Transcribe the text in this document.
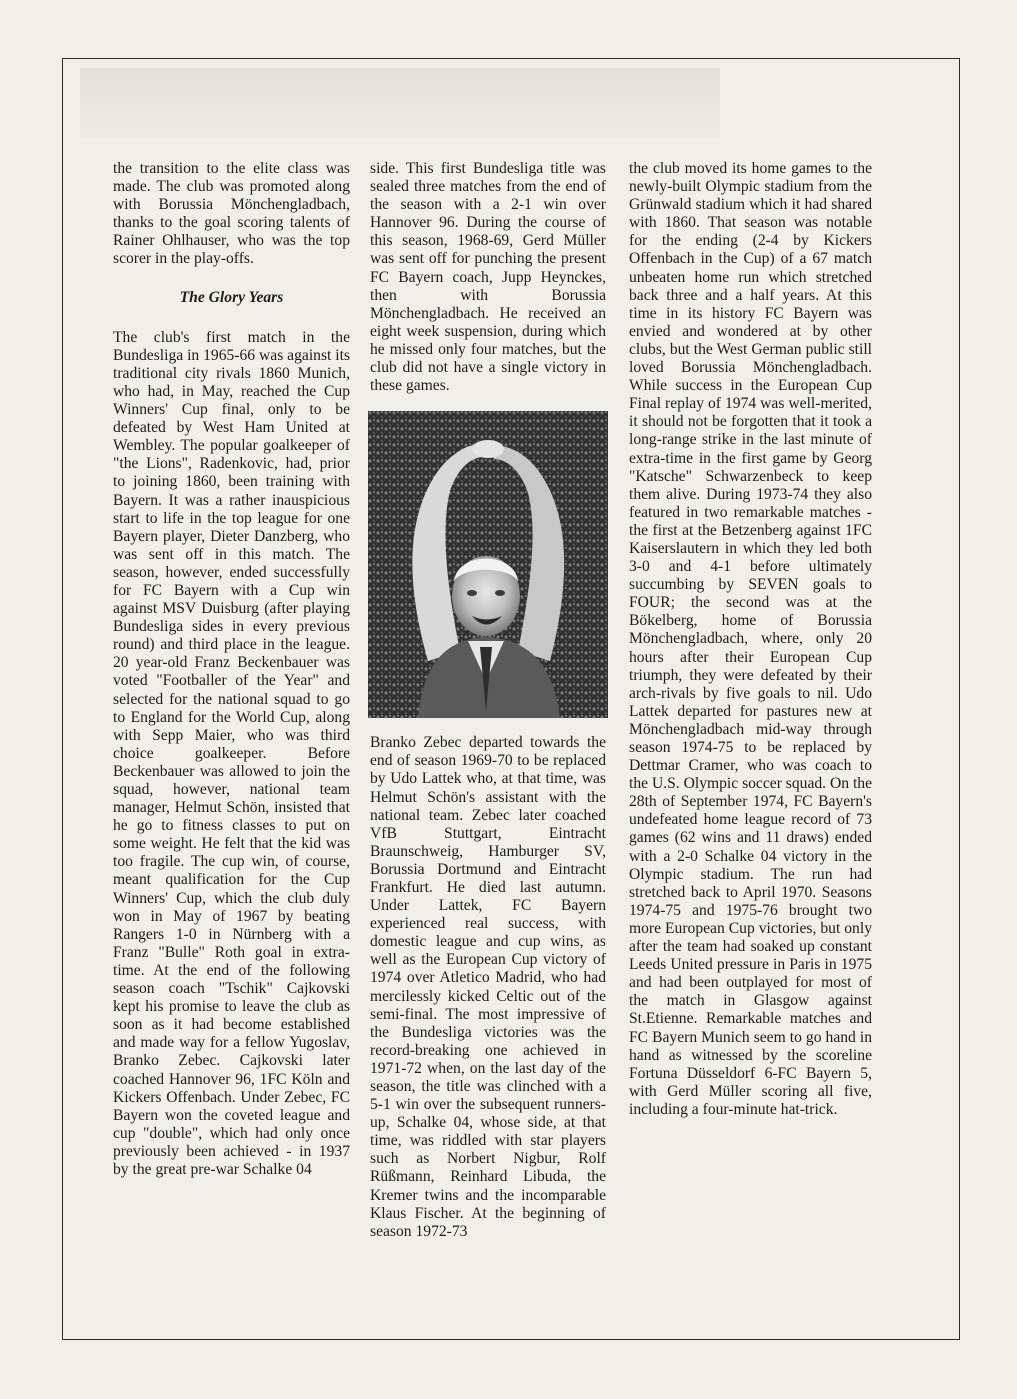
the transition to the elite class was made. The club was promoted along with Borussia Mönchengladbach, thanks to the goal scoring talents of Rainer Ohlhauser, who was the top scorer in the play-offs.

The Glory Years

The club's first match in the Bundesliga in 1965-66 was against its traditional city rivals 1860 Munich, who had, in May, reached the Cup Winners' Cup final, only to be defeated by West Ham United at Wembley. The popular goalkeeper of "the Lions", Radenkovic, had, prior to joining 1860, been training with Bayern. It was a rather inauspicious start to life in the top league for one Bayern player, Dieter Danzberg, who was sent off in this match. The season, however, ended successfully for FC Bayern with a Cup win against MSV Duisburg (after playing Bundesliga sides in every previous round) and third place in the league. 20 year-old Franz Beckenbauer was voted "Footballer of the Year" and selected for the national squad to go to England for the World Cup, along with Sepp Maier, who was third choice goalkeeper. Before Beckenbauer was allowed to join the squad, however, national team manager, Helmut Schön, insisted that he go to fitness classes to put on some weight. He felt that the kid was too fragile. The cup win, of course, meant qualification for the Cup Winners' Cup, which the club duly won in May of 1967 by beating Rangers 1-0 in Nürnberg with a Franz "Bulle" Roth goal in extra-time. At the end of the following season coach "Tschik" Cajkovski kept his promise to leave the club as soon as it had become established and made way for a fellow Yugoslav, Branko Zebec. Cajkovski later coached Hannover 96, 1FC Köln and Kickers Offenbach. Under Zebec, FC Bayern won the coveted league and cup "double", which had only once previously been achieved - in 1937 by the great pre-war Schalke 04

side. This first Bundesliga title was sealed three matches from the end of the season with a 2-1 win over Hannover 96. During the course of this season, 1968-69, Gerd Müller was sent off for punching the present FC Bayern coach, Jupp Heynckes, then with Borussia Mönchengladbach. He received an eight week suspension, during which he missed only four matches, but the club did not have a single victory in these games.

Branko Zebec departed towards the end of season 1969-70 to be replaced by Udo Lattek who, at that time, was Helmut Schön's assistant with the national team. Zebec later coached VfB Stuttgart, Eintracht Braunschweig, Hamburger SV, Borussia Dortmund and Eintracht Frankfurt. He died last autumn. Under Lattek, FC Bayern experienced real success, with domestic league and cup wins, as well as the European Cup victory of 1974 over Atletico Madrid, who had mercilessly kicked Celtic out of the semi-final. The most impressive of the Bundesliga victories was the record-breaking one achieved in 1971-72 when, on the last day of the season, the title was clinched with a 5-1 win over the subsequent runners-up, Schalke 04, whose side, at that time, was riddled with star players such as Norbert Nigbur, Rolf Rüßmann, Reinhard Libuda, the Kremer twins and the incomparable Klaus Fischer. At the beginning of season 1972-73

the club moved its home games to the newly-built Olympic stadium from the Grünwald stadium which it had shared with 1860. That season was notable for the ending (2-4 by Kickers Offenbach in the Cup) of a 67 match unbeaten home run which stretched back three and a half years. At this time in its history FC Bayern was envied and wondered at by other clubs, but the West German public still loved Borussia Mönchengladbach. While success in the European Cup Final replay of 1974 was well-merited, it should not be forgotten that it took a long-range strike in the last minute of extra-time in the first game by Georg "Katsche" Schwarzenbeck to keep them alive. During 1973-74 they also featured in two remarkable matches - the first at the Betzenberg against 1FC Kaiserslautern in which they led both 3-0 and 4-1 before ultimately succumbing by SEVEN goals to FOUR; the second was at the Bökelberg, home of Borussia Mönchengladbach, where, only 20 hours after their European Cup triumph, they were defeated by their arch-rivals by five goals to nil. Udo Lattek departed for pastures new at Mönchengladbach mid-way through season 1974-75 to be replaced by Dettmar Cramer, who was coach to the U.S. Olympic soccer squad. On the 28th of September 1974, FC Bayern's undefeated home league record of 73 games (62 wins and 11 draws) ended with a 2-0 Schalke 04 victory in the Olympic stadium. The run had stretched back to April 1970. Seasons 1974-75 and 1975-76 brought two more European Cup victories, but only after the team had soaked up constant Leeds United pressure in Paris in 1975 and had been outplayed for most of the match in Glasgow against St.Etienne. Remarkable matches and FC Bayern Munich seem to go hand in hand as witnessed by the scoreline Fortuna Düsseldorf 6-FC Bayern 5, with Gerd Müller scoring all five, including a four-minute hat-trick.
